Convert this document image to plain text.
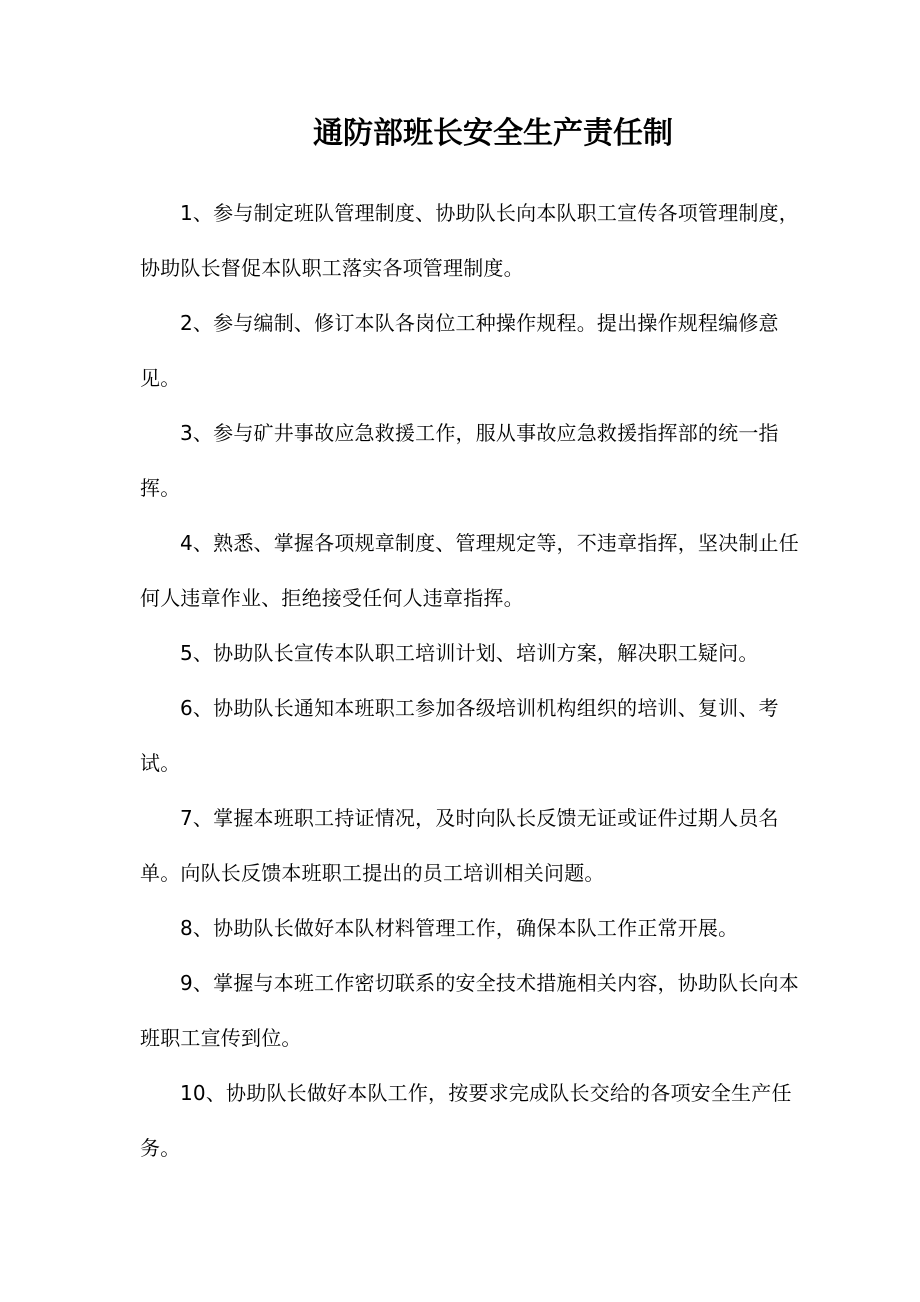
通防部班长安全生产责任制

1、参与制定班队管理制度、协助队长向本队职工宣传各项管理制度，协助队长督促本队职工落实各项管理制度。

2、参与编制、修订本队各岗位工种操作规程。提出操作规程编修意见。

3、参与矿井事故应急救援工作，服从事故应急救援指挥部的统一指挥。

4、熟悉、掌握各项规章制度、管理规定等，不违章指挥，坚决制止任何人违章作业、拒绝接受任何人违章指挥。

5、协助队长宣传本队职工培训计划、培训方案，解决职工疑问。

6、协助队长通知本班职工参加各级培训机构组织的培训、复训、考试。

7、掌握本班职工持证情况，及时向队长反馈无证或证件过期人员名单。向队长反馈本班职工提出的员工培训相关问题。

8、协助队长做好本队材料管理工作，确保本队工作正常开展。

9、掌握与本班工作密切联系的安全技术措施相关内容，协助队长向本班职工宣传到位。

10、协助队长做好本队工作，按要求完成队长交给的各项安全生产任务。
